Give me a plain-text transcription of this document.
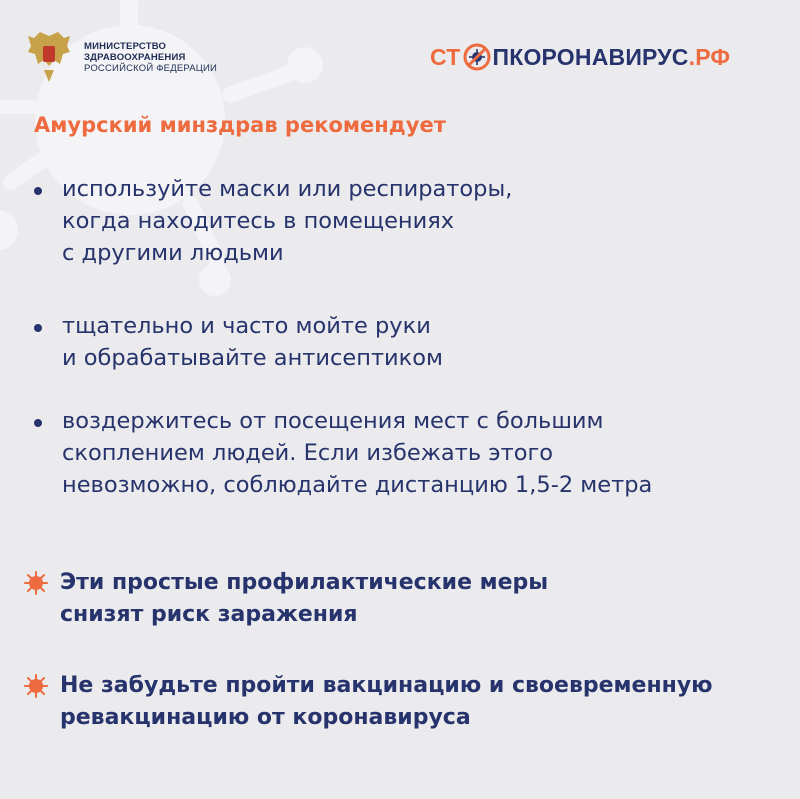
МИНИСТЕРСТВО
ЗДРАВООХРАНЕНИЯ
РОССИЙСКОЙ ФЕДЕРАЦИИ	СТ ПКОРОНАВИРУС .РФ
Амурский минздрав рекомендует
используйте маски или респираторы,
когда находитесь в помещениях
с другими людьми
тщательно и часто мойте руки
и обрабатывайте антисептиком
воздержитесь от посещения мест с большим
скоплением людей. Если избежать этого
невозможно, соблюдайте дистанцию 1,5-2 метра
Эти простые профилактические меры
снизят риск заражения
Не забудьте пройти вакцинацию и своевременную
ревакцинацию от коронавируса
